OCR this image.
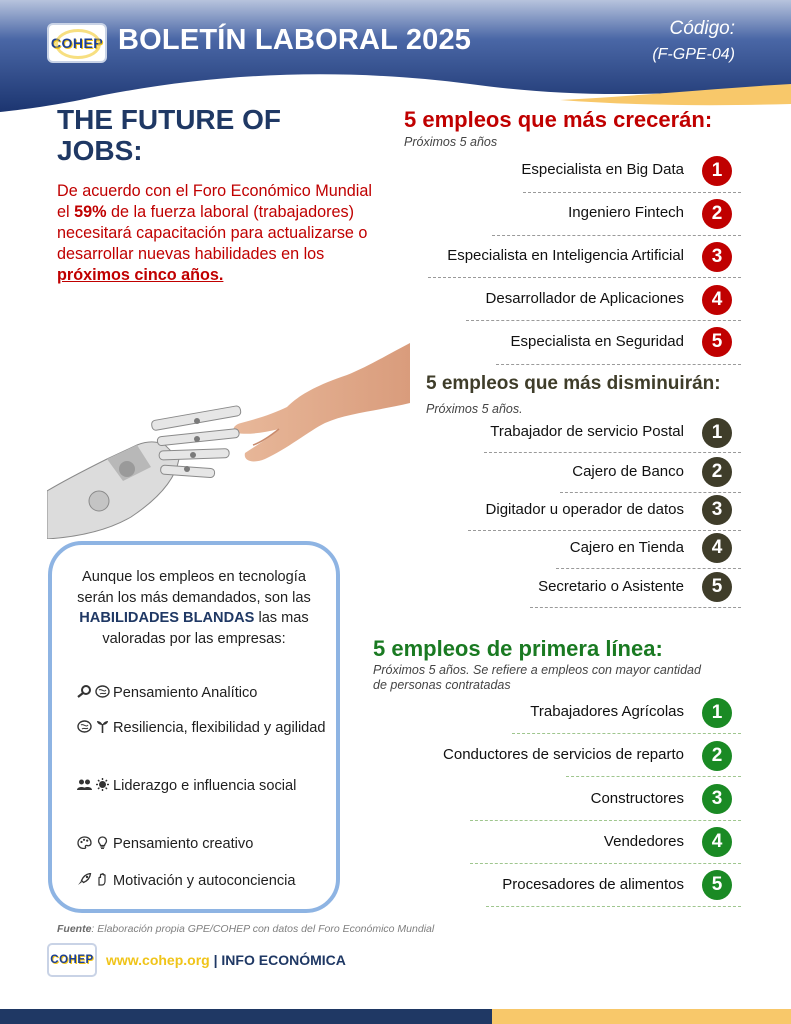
COHEP BOLETÍN LABORAL 2025	Código:
(F-GPE-04)
THE FUTURE OF JOBS:

De acuerdo con el Foro Económico Mundial el 59% de la fuerza laboral (trabajadores) necesitará capacitación para actualizarse o desarrollar nuevas habilidades en los próximos cinco años.

Aunque los empleos en tecnología serán los más demandados, son las HABILIDADES BLANDAS las mas valoradas por las empresas:

Pensamiento Analítico
Resiliencia, flexibilidad y agilidad
Liderazgo e influencia social
Pensamiento creativo
Motivación y autoconciencia
Fuente: Elaboración propia GPE/COHEP con datos del Foro Económico Mundial
COHEP www.cohep.org | INFO ECONÓMICA
5 empleos que más crecerán:
Próximos 5 años
Especialista en Big Data	1
Ingeniero Fintech	2
Especialista en Inteligencia Artificial	3
Desarrollador de Aplicaciones	4
Especialista en Seguridad	5
5 empleos que más disminuirán: Próximos 5 años.
Trabajador de servicio Postal	1
Cajero de Banco	2
Digitador u operador de datos	3
Cajero en Tienda	4
Secretario o Asistente	5
5 empleos de primera línea:
Próximos 5 años. Se refiere a empleos con mayor cantidad de personas contratadas
Trabajadores Agrícolas	1
Conductores de servicios de reparto	2
Constructores	3
Vendedores	4
Procesadores de alimentos	5
